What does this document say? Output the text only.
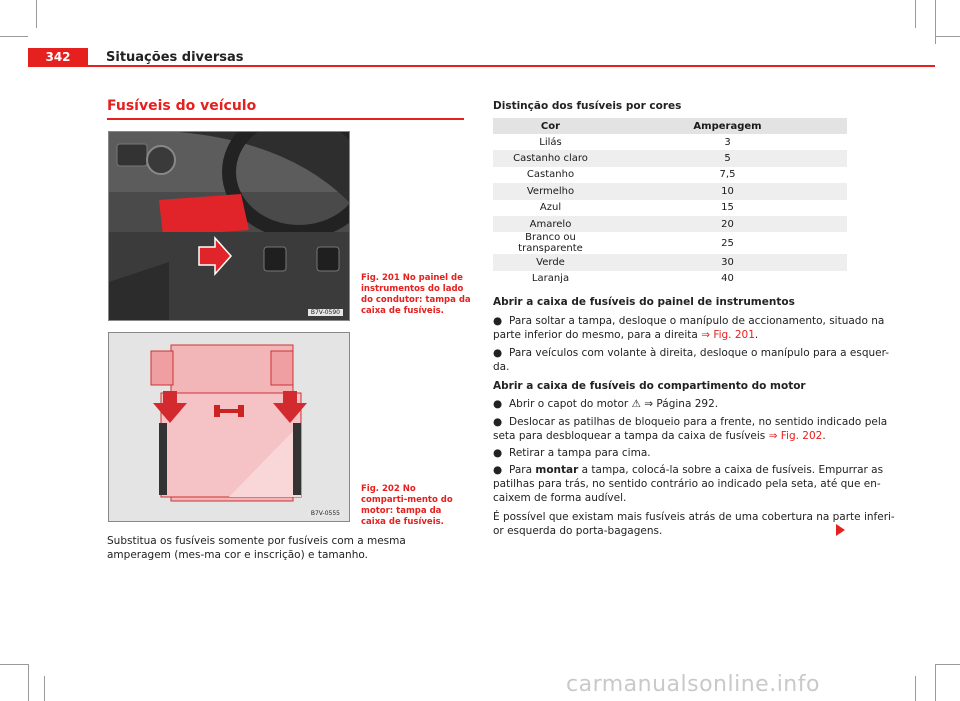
342	Situações diversas
Fusíveis do veículo
B7V-0590
Fig. 201 No painel de instrumentos do lado do condutor: tampa da caixa de fusíveis.
B7V-0555
Fig. 202 No comparti-mento do motor: tampa da caixa de fusíveis.
Substitua os fusíveis somente por fusíveis com a mesma amperagem (mes-ma cor e inscrição) e tamanho.
Distinção dos fusíveis por cores
Cor	Amperagem
Lilás	3
Castanho claro	5
Castanho	7,5
Vermelho	10
Azul	15
Amarelo	20
Branco ou transparente	25
Verde	30
Laranja	40
Abrir a caixa de fusíveis do painel de instrumentos
● Para soltar a tampa, desloque o manípulo de accionamento, situado na
parte inferior do mesmo, para a direita ⇒ Fig. 201.
● Para veículos com volante à direita, desloque o manípulo para a esquer-
da.
Abrir a caixa de fusíveis do compartimento do motor
● Abrir o capot do motor ⚠ ⇒ Página 292.
● Deslocar as patilhas de bloqueio para a frente, no sentido indicado pela
seta para desbloquear a tampa da caixa de fusíveis ⇒ Fig. 202.
● Retirar a tampa para cima.
● Para montar a tampa, colocá-la sobre a caixa de fusíveis. Empurrar as
patilhas para trás, no sentido contrário ao indicado pela seta, até que en-
caixem de forma audível.
É possível que existam mais fusíveis atrás de uma cobertura na parte inferi-
or esquerda do porta-bagagens.
carmanualsonline.info
